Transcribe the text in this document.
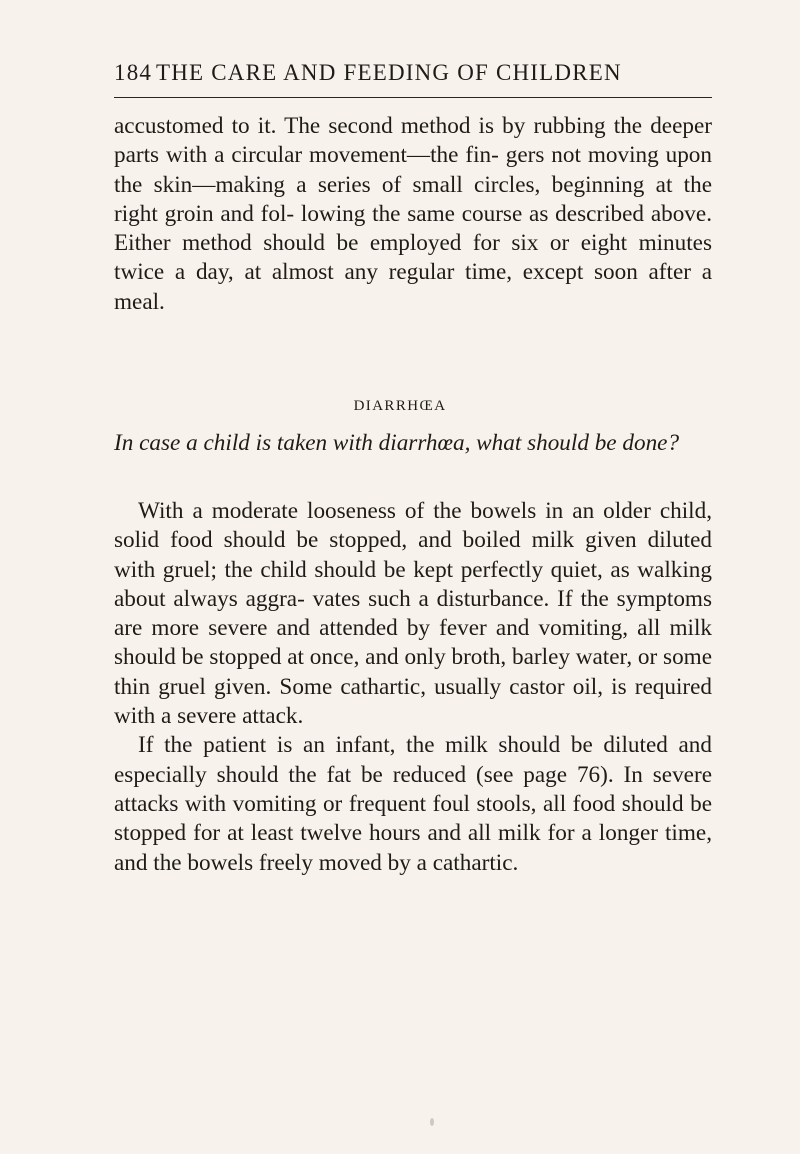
184 THE CARE AND FEEDING OF CHILDREN

accustomed to it. The second method is by rubbing the deeper parts with a circular movement—the fin- gers not moving upon the skin—making a series of small circles, beginning at the right groin and fol- lowing the same course as described above. Either method should be employed for six or eight minutes twice a day, at almost any regular time, except soon after a meal.

DIARRHŒA
In case a child is taken with diarrhœa, what should be done?

With a moderate looseness of the bowels in an older child, solid food should be stopped, and boiled milk given diluted with gruel; the child should be kept perfectly quiet, as walking about always aggra- vates such a disturbance. If the symptoms are more severe and attended by fever and vomiting, all milk should be stopped at once, and only broth, barley water, or some thin gruel given. Some cathartic, usually castor oil, is required with a severe attack.

If the patient is an infant, the milk should be diluted and especially should the fat be reduced (see page 76). In severe attacks with vomiting or frequent foul stools, all food should be stopped for at least twelve hours and all milk for a longer time, and the bowels freely moved by a cathartic.
